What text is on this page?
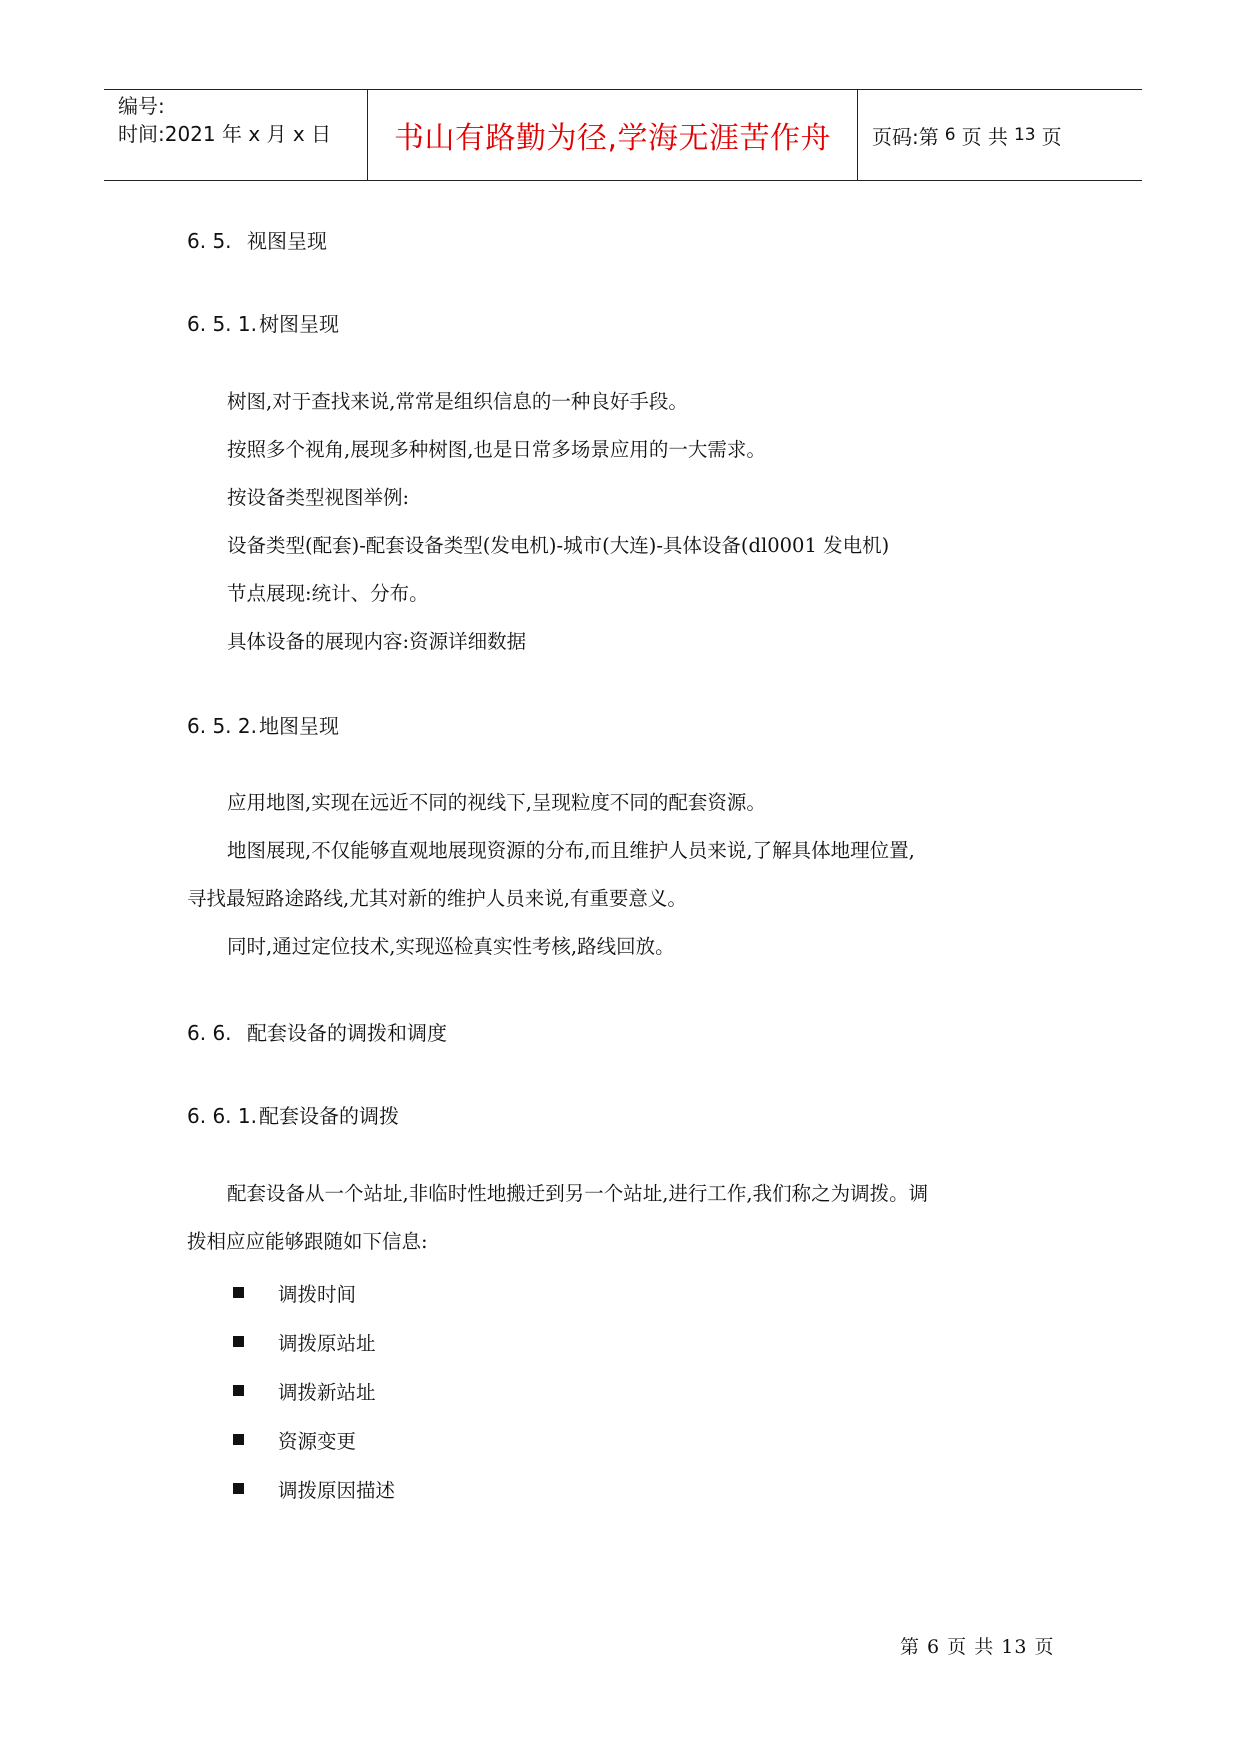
编号:
时间:2021 年 x 月 x 日	书山有路勤为径,学海无涯苦作舟	页码:第 6 页 共 13 页
6. 5. 视图呈现
6. 5. 1. 树图呈现
树图,对于查找来说,常常是组织信息的一种良好手段。
按照多个视角,展现多种树图,也是日常多场景应用的一大需求。
按设备类型视图举例:
设备类型(配套)-配套设备类型(发电机)-城市(大连)-具体设备(dl0001 发电机)
节点展现:统计、分布。
具体设备的展现内容:资源详细数据
6. 5. 2. 地图呈现
应用地图,实现在远近不同的视线下,呈现粒度不同的配套资源。
地图展现,不仅能够直观地展现资源的分布,而且维护人员来说,了解具体地理位置,
寻找最短路途路线,尤其对新的维护人员来说,有重要意义。
同时,通过定位技术,实现巡检真实性考核,路线回放。
6. 6. 配套设备的调拨和调度
6. 6. 1. 配套设备的调拨
配套设备从一个站址,非临时性地搬迁到另一个站址,进行工作,我们称之为调拨。调
拨相应应能够跟随如下信息:
调拨时间
调拨原站址
调拨新站址
资源变更
调拨原因描述
第 6 页 共 13 页
